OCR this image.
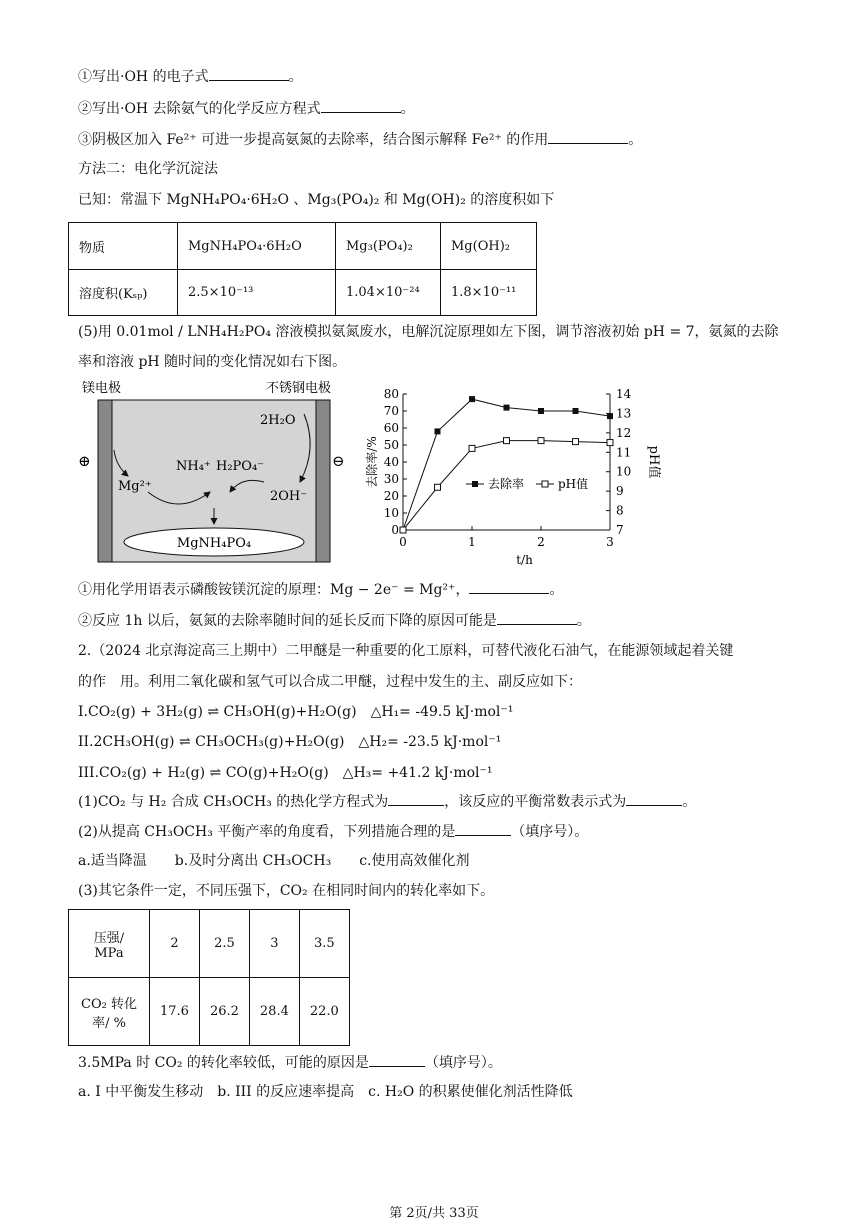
①写出·OH 的电子式	。
②写出·OH 去除氨气的化学反应方程式	。
③阴极区加入 Fe²⁺ 可进一步提高氨氮的去除率，结合图示解释 Fe²⁺ 的作用	。
方法二：电化学沉淀法
已知：常温下 MgNH₄PO₄·6H₂O 、Mg₃(PO₄)₂ 和 Mg(OH)₂ 的溶度积如下
物质	MgNH₄PO₄·6H₂O	Mg₃(PO₄)₂	Mg(OH)₂
溶度积(Kₛₚ)	2.5×10⁻¹³	1.04×10⁻²⁴	1.8×10⁻¹¹
(5)用 0.01mol / LNH₄H₂PO₄ 溶液模拟氨氮废水，电解沉淀原理如左下图，调节溶液初始 pH = 7，氨氮的去除
率和溶液 pH 随时间的变化情况如右下图。
镁电极	不锈钢电极
⊕	⊖
2H₂O
NH₄⁺ H₂PO₄⁻
Mg²⁺
2OH⁻
MgNH₄PO₄
0
10
20
30
40
50
60
70
80
7
8
9
10
11
12
13
14
0	1	2	3
t/h
去除率/%	pH值
去除率	pH值
①用化学用语表示磷酸铵镁沉淀的原理：Mg − 2e⁻ = Mg²⁺，	。
②反应 1h 以后，氨氮的去除率随时间的延长反而下降的原因可能是	。
2.（2024 北京海淀高三上期中）二甲醚是一种重要的化工原料，可替代液化石油气，在能源领域起着关键
的作　用。利用二氧化碳和氢气可以合成二甲醚，过程中发生的主、副反应如下：
I.CO₂(g) + 3H₂(g) ⇌ CH₃OH(g)+H₂O(g)　△H₁= -49.5 kJ·mol⁻¹
II.2CH₃OH(g) ⇌ CH₃OCH₃(g)+H₂O(g)　△H₂= -23.5 kJ·mol⁻¹
III.CO₂(g) + H₂(g) ⇌ CO(g)+H₂O(g)　△H₃= +41.2 kJ·mol⁻¹
(1)CO₂ 与 H₂ 合成 CH₃OCH₃ 的热化学方程式为	，该反应的平衡常数表示式为	。
(2)从提高 CH₃OCH₃ 平衡产率的角度看，下列措施合理的是	（填序号）。
a.适当降温　　b.及时分离出 CH₃OCH₃　　c.使用高效催化剂
(3)其它条件一定，不同压强下，CO₂ 在相同时间内的转化率如下。
压强/
MPa	2	2.5	3	3.5
CO₂ 转化
率/ %	17.6	26.2	28.4	22.0
3.5MPa 时 CO₂ 的转化率较低，可能的原因是	（填序号）。
a. I 中平衡发生移动　b. III 的反应速率提高　c. H₂O 的积累使催化剂活性降低
第 2页/共 33页
